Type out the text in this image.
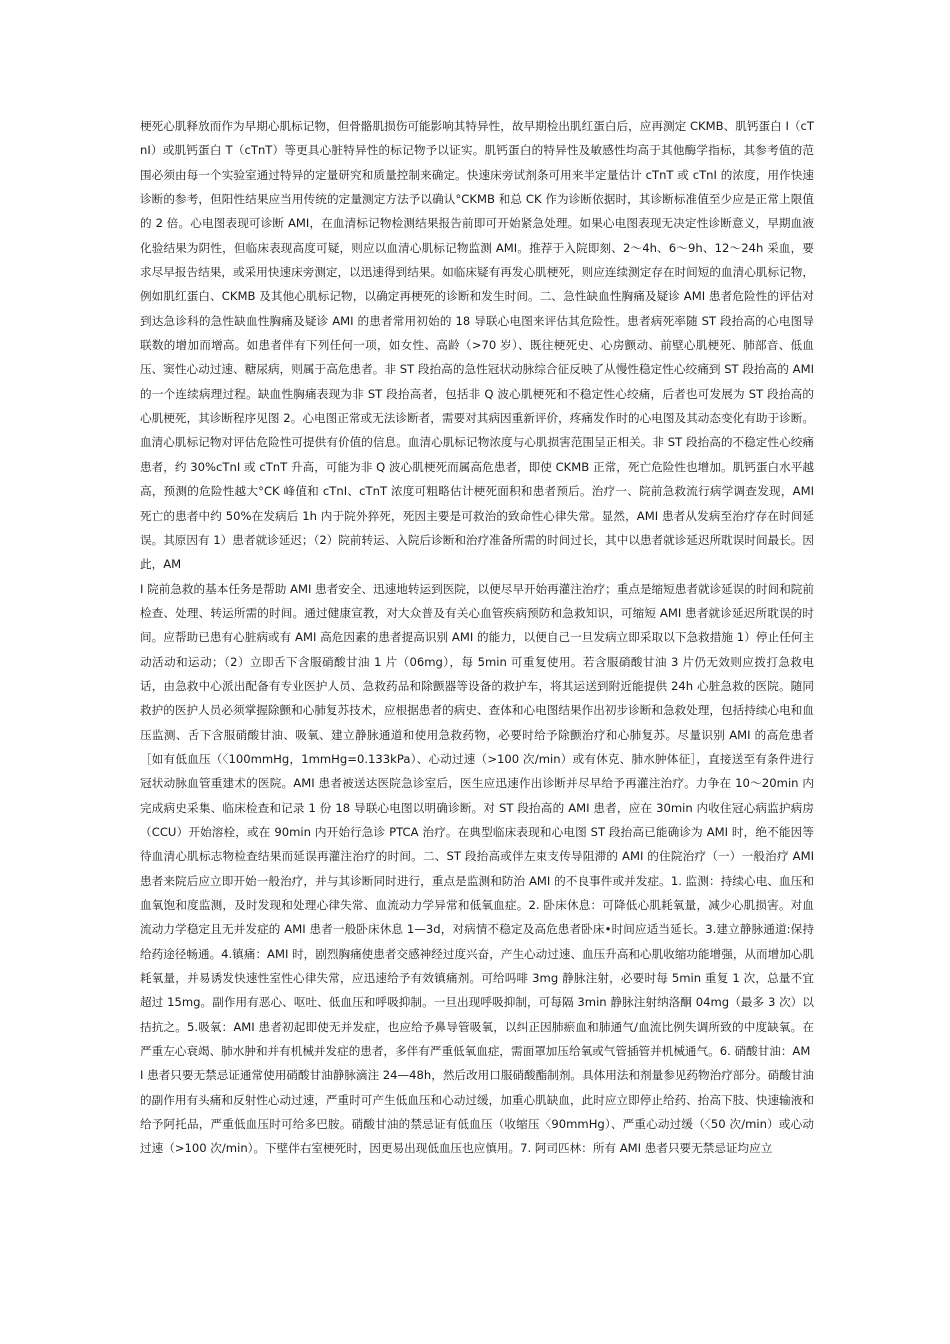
梗死心肌释放而作为早期心肌标记物，但骨骼肌损伤可能影响其特异性，故早期检出肌红蛋白后，应再测定 CKMB、肌钙蛋白 I（cTnI）或肌钙蛋白 T（cTnT）等更具心脏特异性的标记物予以证实。肌钙蛋白的特异性及敏感性均高于其他酶学指标，其参考值的范围必须由每一个实验室通过特异的定量研究和质量控制来确定。快速床旁试剂条可用来半定量估计 cTnT 或 cTnI 的浓度，用作快速诊断的参考，但阳性结果应当用传统的定量测定方法予以确认°CKMB 和总 CK 作为诊断依据时，其诊断标准值至少应是正常上限值的 2 倍。心电图表现可诊断 AMI，在血清标记物检测结果报告前即可开始紧急处理。如果心电图表现无决定性诊断意义，早期血液化验结果为阴性，但临床表现高度可疑，则应以血清心肌标记物监测 AMI。推荐于入院即刻、2～4h、6～9h、12～24h 采血，要求尽早报告结果，或采用快速床旁测定，以迅速得到结果。如临床疑有再发心肌梗死，则应连续测定存在时间短的血清心肌标记物，例如肌红蛋白、CKMB 及其他心肌标记物，以确定再梗死的诊断和发生时间。二、急性缺血性胸痛及疑诊 AMI 患者危险性的评估对到达急诊科的急性缺血性胸痛及疑诊 AMI 的患者常用初始的 18 导联心电图来评估其危险性。患者病死率随 ST 段抬高的心电图导联数的增加而增高。如患者伴有下列任何一项，如女性、高龄（>70 岁）、既往梗死史、心房颤动、前壁心肌梗死、肺部音、低血压、窦性心动过速、糖尿病，则属于高危患者。非 ST 段抬高的急性冠状动脉综合征反映了从慢性稳定性心绞痛到 ST 段抬高的 AMI 的一个连续病理过程。缺血性胸痛表现为非 ST 段抬高者，包括非 Q 波心肌梗死和不稳定性心绞痛，后者也可发展为 ST 段抬高的心肌梗死，其诊断程序见图 2。心电图正常或无法诊断者，需要对其病因重新评价，疼痛发作时的心电图及其动态变化有助于诊断。血清心肌标记物对评估危险性可提供有价值的信息。血清心肌标记物浓度与心肌损害范围呈正相关。非 ST 段抬高的不稳定性心绞痛患者，约 30%cTnI 或 cTnT 升高，可能为非 Q 波心肌梗死而属高危患者，即使 CKMB 正常，死亡危险性也增加。肌钙蛋白水平越高，预测的危险性越大°CK 峰值和 cTnI、cTnT 浓度可粗略估计梗死面积和患者预后。治疗一、院前急救流行病学调查发现，AMI 死亡的患者中约 50%在发病后 1h 内于院外猝死，死因主要是可救治的致命性心律失常。显然，AMI 患者从发病至治疗存在时间延误。其原因有 1）患者就诊延迟；（2）院前转运、入院后诊断和治疗准备所需的时间过长，其中以患者就诊延迟所耽误时间最长。因此，AM

I 院前急救的基本任务是帮助 AMI 患者安全、迅速地转运到医院，以便尽早开始再灌注治疗；重点是缩短患者就诊延误的时间和院前检查、处理、转运所需的时间。通过健康宣教，对大众普及有关心血管疾病预防和急救知识，可缩短 AMI 患者就诊延迟所耽误的时间。应帮助已患有心脏病或有 AMI 高危因素的患者提高识别 AMI 的能力，以便自己一旦发病立即采取以下急救措施 1）停止任何主动活动和运动；（2）立即舌下含服硝酸甘油 1 片（06mg），每 5min 可重复使用。若含服硝酸甘油 3 片仍无效则应拨打急救电话，由急救中心派出配备有专业医护人员、急救药品和除颤器等设备的救护车，将其运送到附近能提供 24h 心脏急救的医院。随同救护的医护人员必须掌握除颤和心肺复苏技术，应根据患者的病史、查体和心电图结果作出初步诊断和急救处理，包括持续心电和血压监测、舌下含服硝酸甘油、吸氧、建立静脉通道和使用急救药物，必要时给予除颤治疗和心肺复苏。尽量识别 AMI 的高危患者［如有低血压（〈100mmHg，1mmHg=0.133kPa）、心动过速（>100 次/min）或有休克、肺水肿体征］，直接送至有条件进行冠状动脉血管重建术的医院。AMI 患者被送达医院急诊室后，医生应迅速作出诊断并尽早给予再灌注治疗。力争在 10～20min 内完成病史采集、临床检查和记录 1 份 18 导联心电图以明确诊断。对 ST 段抬高的 AMI 患者，应在 30min 内收住冠心病监护病房（CCU）开始溶栓，或在 90min 内开始行急诊 PTCA 治疗。在典型临床表现和心电图 ST 段抬高已能确诊为 AMI 时，绝不能因等待血清心肌标志物检查结果而延误再灌注治疗的时间。二、ST 段抬高或伴左束支传导阻滞的 AMI 的住院治疗（一）一般治疗 AMI 患者来院后应立即开始一般治疗，并与其诊断同时进行，重点是监测和防治 AMI 的不良事件或并发症。1. 监测：持续心电、血压和血氧饱和度监测，及时发现和处理心律失常、血流动力学异常和低氧血症。2. 卧床休息：可降低心肌耗氧量，减少心肌损害。对血流动力学稳定且无并发症的 AMI 患者一般卧床休息 1—3d，对病情不稳定及高危患者卧床•时间应适当延长。3.建立静脉通道:保持给药途径畅通。4.镇痛：AMI 时，剧烈胸痛使患者交感神经过度兴奋，产生心动过速、血压升高和心肌收缩功能增强，从而增加心肌耗氧量，并易诱发快速性室性心律失常，应迅速给予有效镇痛剂。可给吗啡 3mg 静脉注射，必要时每 5min 重复 1 次，总量不宜超过 15mg。副作用有恶心、呕吐、低血压和呼吸抑制。一旦出现呼吸抑制，可每隔 3min 静脉注射纳洛酮 04mg（最多 3 次）以拮抗之。5.吸氧：AMI 患者初起即使无并发症，也应给予鼻导管吸氧，以纠正因肺瘀血和肺通气/血流比例失调所致的中度缺氧。在严重左心衰竭、肺水肿和并有机械并发症的患者，多伴有严重低氧血症，需面罩加压给氧或气管插管并机械通气。6. 硝酸甘油：AM

I 患者只要无禁忌证通常使用硝酸甘油静脉滴注 24—48h，然后改用口服硝酸酯制剂。具体用法和剂量参见药物治疗部分。硝酸甘油的副作用有头痛和反射性心动过速，严重时可产生低血压和心动过缓，加重心肌缺血，此时应立即停止给药、抬高下肢、快速输液和给予阿托品，严重低血压时可给多巴胺。硝酸甘油的禁忌证有低血压（收缩压〈90mmHg）、严重心动过缓（〈50 次/min）或心动过速（>100 次/min）。下壁伴右室梗死时，因更易出现低血压也应慎用。7. 阿司匹林：所有 AMI 患者只要无禁忌证均应立
